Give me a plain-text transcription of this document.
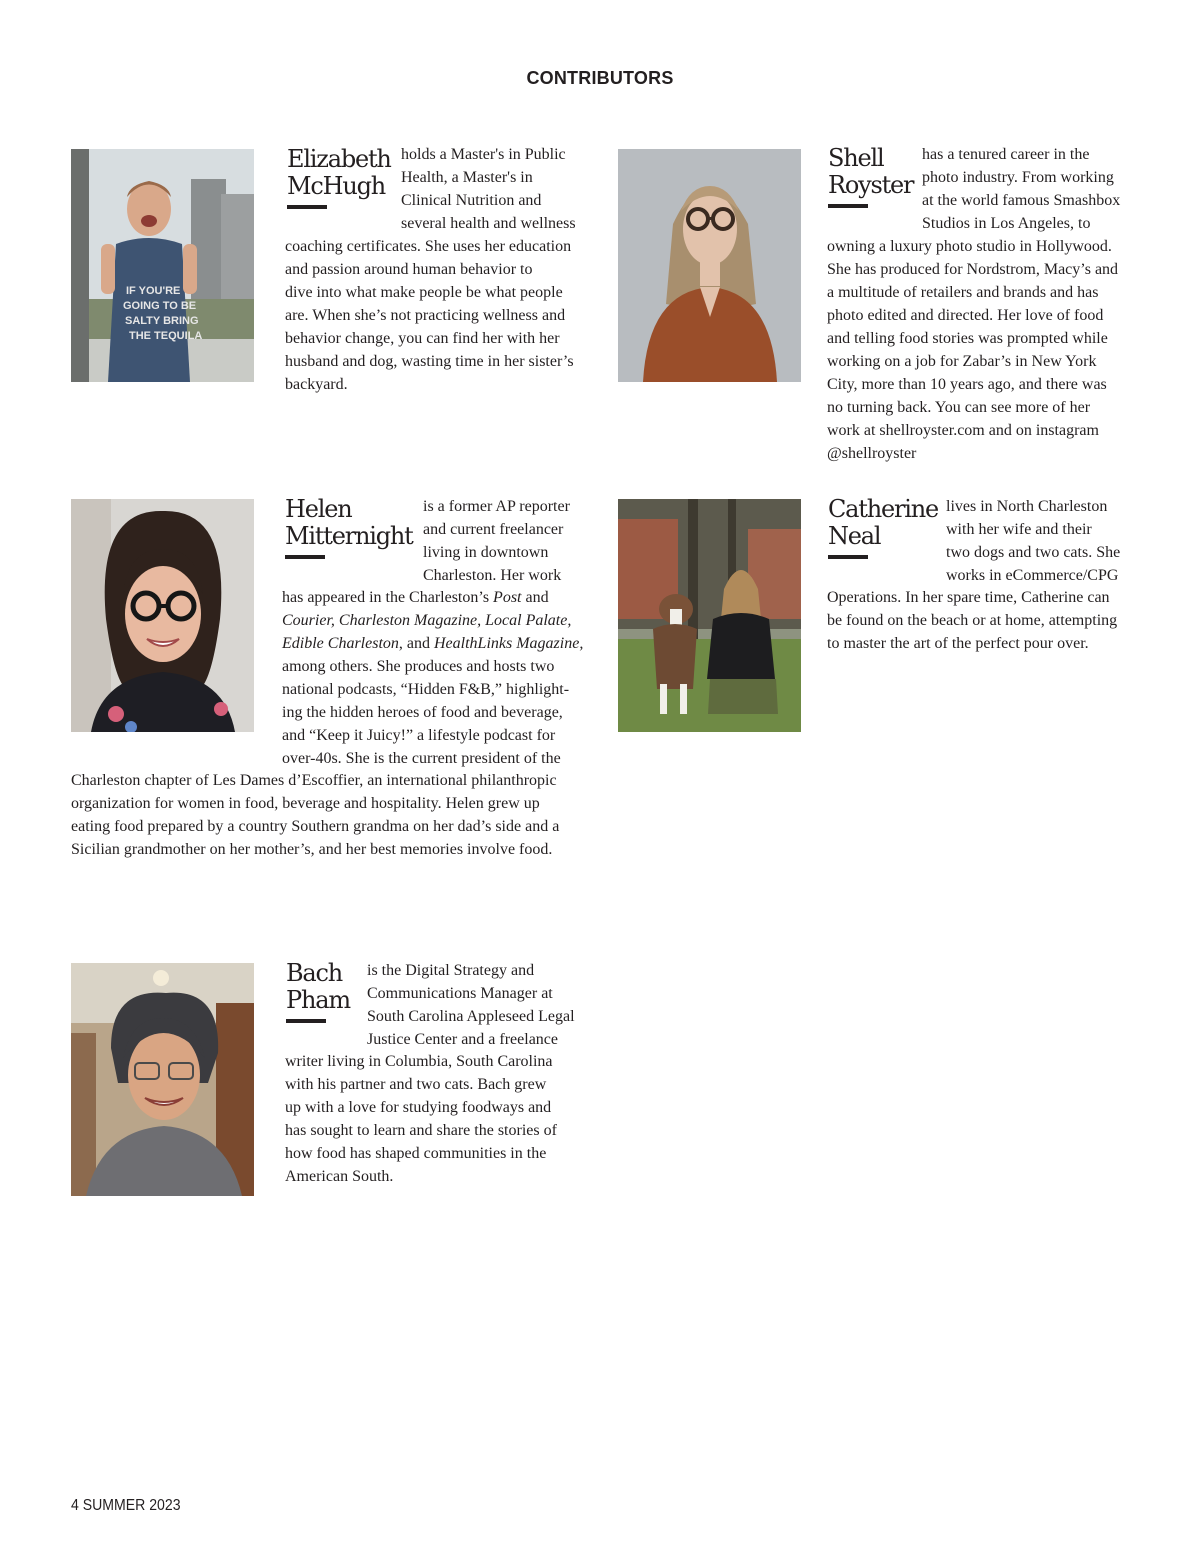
CONTRIBUTORS
IF YOU'RE
GOING TO BE
SALTY BRING
THE TEQUILA
Elizabeth
McHugh
holds a Master's in Public
Health, a Master's in
Clinical Nutrition and
several health and wellness
coaching certificates. She uses her education
and passion around human behavior to
dive into what make people be what people
are. When she’s not practicing wellness and
behavior change, you can find her with her
husband and dog, wasting time in her sister’s
backyard.
Shell
Royster
has a tenured career in the
photo industry. From working
at the world famous Smashbox
Studios in Los Angeles, to
owning a luxury photo studio in Hollywood.
She has produced for Nordstrom, Macy’s and
a multitude of retailers and brands and has
photo edited and directed. Her love of food
and telling food stories was prompted while
working on a job for Zabar’s in New York
City, more than 10 years ago, and there was
no turning back. You can see more of her
work at shellroyster.com and on instagram
@shellroyster
Helen
Mitternight
is a former AP reporter
and current freelancer
living in downtown
Charleston. Her work
has appeared in the Charleston’s Post and
Courier, Charleston Magazine, Local Palate,
Edible Charleston, and HealthLinks Magazine,
among others. She produces and hosts two
national podcasts, “Hidden F&B,” highlight-
ing the hidden heroes of food and beverage,
and “Keep it Juicy!” a lifestyle podcast for
over-40s. She is the current president of the
Charleston chapter of Les Dames d’Escoffier, an international philanthropic
organization for women in food, beverage and hospitality. Helen grew up
eating food prepared by a country Southern grandma on her dad’s side and a
Sicilian grandmother on her mother’s, and her best memories involve food.
Catherine
Neal
lives in North Charleston
with her wife and their
two dogs and two cats. She
works in eCommerce/CPG
Operations. In her spare time, Catherine can
be found on the beach or at home, attempting
to master the art of the perfect pour over.
Bach
Pham
is the Digital Strategy and
Communications Manager at
South Carolina Appleseed Legal
Justice Center and a freelance
writer living in Columbia, South Carolina
with his partner and two cats. Bach grew
up with a love for studying foodways and
has sought to learn and share the stories of
how food has shaped communities in the
American South.
4 SUMMER 2023
